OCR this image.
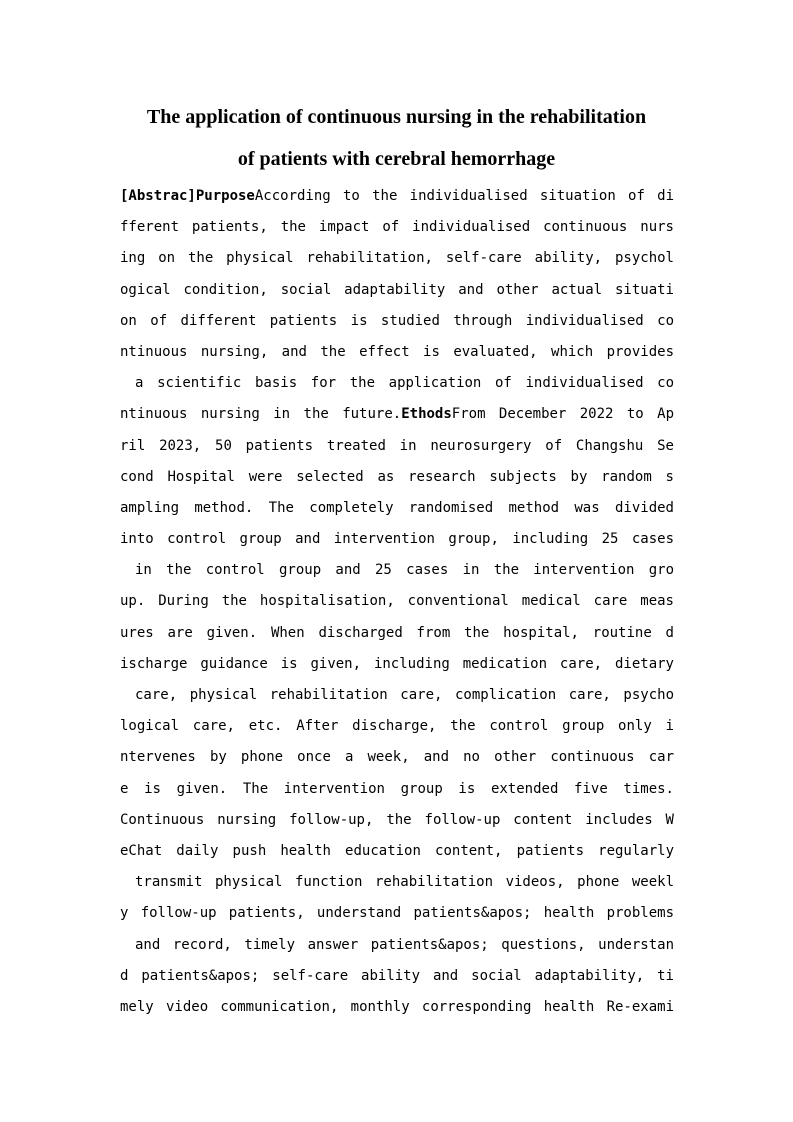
The application of continuous nursing in the rehabilitation
of patients with cerebral hemorrhage
[Abstrac]PurposeAccording to the individualised situation of di
fferent patients, the impact of individualised continuous nurs
ing on the physical rehabilitation, self-care ability, psychol
ogical condition, social adaptability and other actual situati
on of different patients is studied through individualised co
ntinuous nursing, and the effect is evaluated, which provides
a scientific basis for the application of individualised co
ntinuous nursing in the future.EthodsFrom December 2022 to Ap
ril 2023, 50 patients treated in neurosurgery of Changshu Se
cond Hospital were selected as research subjects by random s
ampling method. The completely randomised method was divided
into control group and intervention group, including 25 cases
in the control group and 25 cases in the intervention gro
up. During the hospitalisation, conventional medical care meas
ures are given. When discharged from the hospital, routine d
ischarge guidance is given, including medication care, dietary
care, physical rehabilitation care, complication care, psycho
logical care, etc. After discharge, the control group only i
ntervenes by phone once a week, and no other continuous car
e is given. The intervention group is extended five times.
Continuous nursing follow-up, the follow-up content includes W
eChat daily push health education content, patients regularly
transmit physical function rehabilitation videos, phone weekl
y follow-up patients, understand patients&apos; health problems
and record, timely answer patients&apos; questions, understan
d patients&apos; self-care ability and social adaptability, ti
mely video communication, monthly corresponding health Re-exami
